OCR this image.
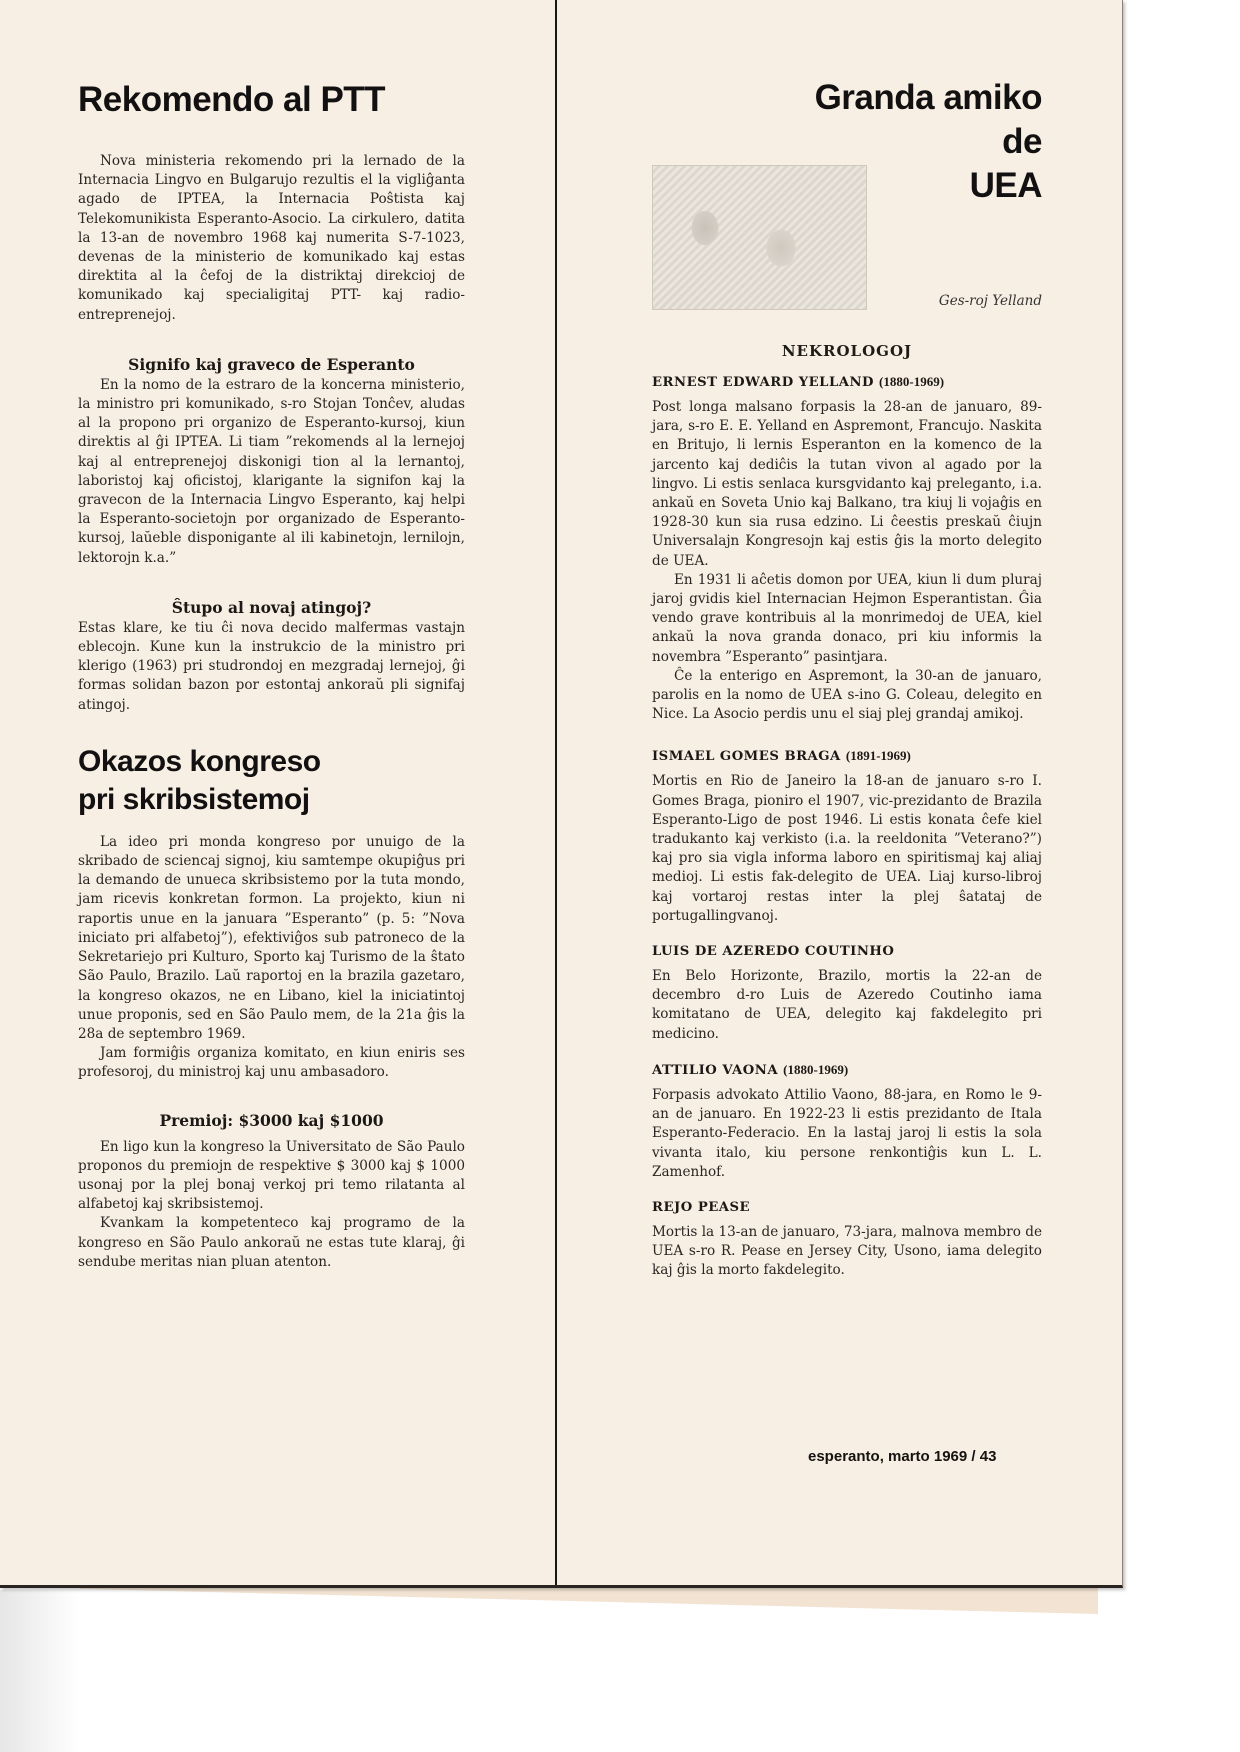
Rekomendo al PTT

Nova ministeria rekomendo pri la lernado de la Internacia Lingvo en Bulgarujo rezultis el la vigliĝanta agado de IPTEA, la Internacia Poŝtista kaj Telekomunikista Esperanto-Asocio. La cirkulero, datita la 13-an de novembro 1968 kaj numerita S-7-1023, devenas de la ministerio de komunikado kaj estas direktita al la ĉefoj de la distriktaj direkcioj de komunikado kaj specialigitaj PTT- kaj radio-entreprenejoj.

Signifo kaj graveco de Esperanto

En la nomo de la estraro de la koncerna ministerio, la ministro pri komunikado, s-ro Stojan Tonĉev, aludas al la propono pri organizo de Esperanto-kursoj, kiun direktis al ĝi IPTEA. Li tiam ”rekomends al la lernejoj kaj al entreprenejoj diskonigi tion al la lernantoj, laboristoj kaj oficistoj, klarigante la signifon kaj la gravecon de la Internacia Lingvo Esperanto, kaj helpi la Esperanto-societojn por organizado de Esperanto-kursoj, laŭeble disponigante al ili kabinetojn, lernilojn, lektorojn k.a.”

Ŝtupo al novaj atingoj?

Estas klare, ke tiu ĉi nova decido malfermas vastajn eblecojn. Kune kun la instrukcio de la ministro pri klerigo (1963) pri studrondoj en mezgradaj lernejoj, ĝi formas solidan bazon por estontaj ankoraŭ pli signifaj atingoj.

Okazos kongreso
pri skribsistemoj

La ideo pri monda kongreso por unuigo de la skribado de sciencaj signoj, kiu samtempe okupiĝus pri la demando de unueca skribsistemo por la tuta mondo, jam ricevis konkretan formon. La projekto, kiun ni raportis unue en la januara ”Esperanto” (p. 5: ”Nova iniciato pri alfabetoj”), efektiviĝos sub patroneco de la Sekretariejo pri Kulturo, Sporto kaj Turismo de la ŝtato São Paulo, Brazilo. Laŭ raportoj en la brazila gazetaro, la kongreso okazos, ne en Libano, kiel la iniciatintoj unue proponis, sed en São Paulo mem, de la 21a ĝis la 28a de septembro 1969.

Jam formiĝis organiza komitato, en kiun eniris ses profesoroj, du ministroj kaj unu ambasadoro.

Premioj: $3000 kaj $1000

En ligo kun la kongreso la Universitato de São Paulo proponos du premiojn de respektive $ 3000 kaj $ 1000 usonaj por la plej bonaj verkoj pri temo rilatanta al alfabetoj kaj skribsistemoj.

Kvankam la kompetenteco kaj programo de la kongreso en São Paulo ankoraŭ ne estas tute klaraj, ĝi sendube meritas nian pluan atenton.

Granda amiko
de
UEA
Ges-roj Yelland
NEKROLOGOJ
ERNEST EDWARD YELLAND (1880-1969)

Post longa malsano forpasis la 28-an de januaro, 89-jara, s-ro E. E. Yelland en Aspremont, Francujo. Naskita en Britujo, li lernis Esperanton en la komenco de la jarcento kaj dediĉis la tutan vivon al agado por la lingvo. Li estis senlaca kursgvidanto kaj preleganto, i.a. ankaŭ en Soveta Unio kaj Balkano, tra kiuj li vojaĝis en 1928-30 kun sia rusa edzino. Li ĉeestis preskaŭ ĉiujn Universalajn Kongresojn kaj estis ĝis la morto delegito de UEA.

En 1931 li aĉetis domon por UEA, kiun li dum pluraj jaroj gvidis kiel Internacian Hejmon Esperantistan. Ĝia vendo grave kontribuis al la monrimedoj de UEA, kiel ankaŭ la nova granda donaco, pri kiu informis la novembra ”Esperanto” pasintjara.

Ĉe la enterigo en Aspremont, la 30-an de januaro, parolis en la nomo de UEA s-ino G. Coleau, delegito en Nice. La Asocio perdis unu el siaj plej grandaj amikoj.

ISMAEL GOMES BRAGA (1891-1969)

Mortis en Rio de Janeiro la 18-an de januaro s-ro I. Gomes Braga, pioniro el 1907, vic-prezidanto de Brazila Esperanto-Ligo de post 1946. Li estis konata ĉefe kiel tradukanto kaj verkisto (i.a. la reeldonita ”Veterano?”) kaj pro sia vigla informa laboro en spiritismaj kaj aliaj medioj. Li estis fak-delegito de UEA. Liaj kurso-libroj kaj vortaroj restas inter la plej ŝatataj de portugallingvanoj.

LUIS DE AZEREDO COUTINHO

En Belo Horizonte, Brazilo, mortis la 22-an de decembro d-ro Luis de Azeredo Coutinho iama komitatano de UEA, delegito kaj fakdelegito pri medicino.

ATTILIO VAONA (1880-1969)

Forpasis advokato Attilio Vaono, 88-jara, en Romo le 9-an de januaro. En 1922-23 li estis prezidanto de Itala Esperanto-Federacio. En la lastaj jaroj li estis la sola vivanta italo, kiu persone renkontiĝis kun L. L. Zamenhof.

REJO PEASE

Mortis la 13-an de januaro, 73-jara, malnova membro de UEA s-ro R. Pease en Jersey City, Usono, iama delegito kaj ĝis la morto fakdelegito.

esperanto, marto 1969 / 43
